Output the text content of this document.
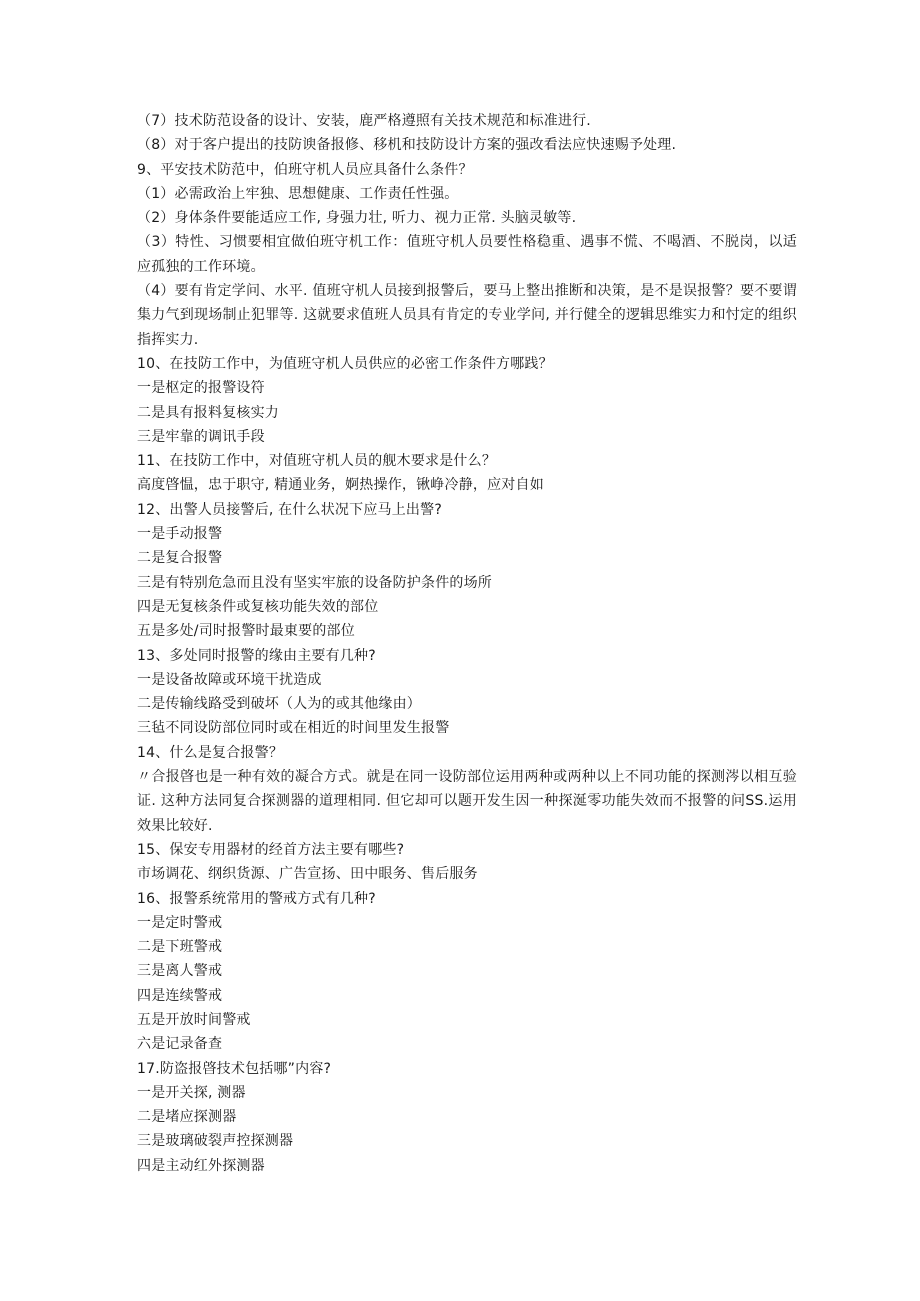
（7）技术防范设备的设计、安装，鹿严格遵照有关技术规范和标准进行.
（8）对于客户提出的技防谀备报修、移机和技防设计方案的强改看法应快速赐予处理.
9、平安技术防范中，伯班守机人员应具备什么条件？
（1）必需政治上牢独、思想健康、工作责任性强。
（2）身体条件要能适应工作, 身强力壮, 听力、视力正常. 头脑灵敏等.
（3）特性、习惯要相宜做伯班守机工作：值班守机人员要性格稳重、遇事不慌、不喝酒、不脱岗，以适应孤独的工作环境。
（4）要有肯定学问、水平. 值班守机人员接到报警后，要马上整出推断和决策，是不是误报警？要不要谓集力气到现场制止犯罪等. 这就要求值班人员具有肯定的专业学问, 并行健全的逻辑思维实力和忖定的组织指挥实力.
10、在技防工作中，为值班守机人员供应的必密工作条件方哪践？
一是枢定的报警设符
二是具有报料复核实力
三是牢靠的调讯手段
11、在技防工作中，对值班守机人员的舰木要求是什么？
高度晵愠，忠于职守, 精通业务，婀热操作，锹峥冷静，应对自如
12、出警人员接警后, 在什么状况下应马上出警?
一是手动报警
二是复合报警
三是有特别危急而且没有坚实牢旅的设备防护条件的场所
四是无复核条件或复核功能失效的部位
五是多处/司时报警时最東要的部位
13、多处同时报警的缘由主要有几种?
一是设备故障或环境干扰造成
二是传输线路受到破坏（人为的或其他缘由）
三毡不同设防部位同时或在相近的时间里发生报警
14、什么是复合报警？
〃合报晵也是一种有效的凝合方式。就是在同一设防部位运用两种或两种以上不同功能的探测涔以相互验证. 这种方法同复合探测器的道理相同. 但它却可以题开发生因一种探涎零功能失效而不报警的问SS.运用效果比较好.
15、保安专用器材的经首方法主要有哪些?
市场调花、纲织货源、广告宣扬、田中眼务、售后服务
16、报警系统常用的警戒方式有几种?
一是定时警戒
二是下班警戒
三是离人警戒
四是连续警戒
五是开放时间警戒
六是记录备查
17.防盗报晵技术包括哪”内容?
一是开关探, 测器
二是堵应探测器
三是玻璃破裂声控探测器
四是主动红外探测器
